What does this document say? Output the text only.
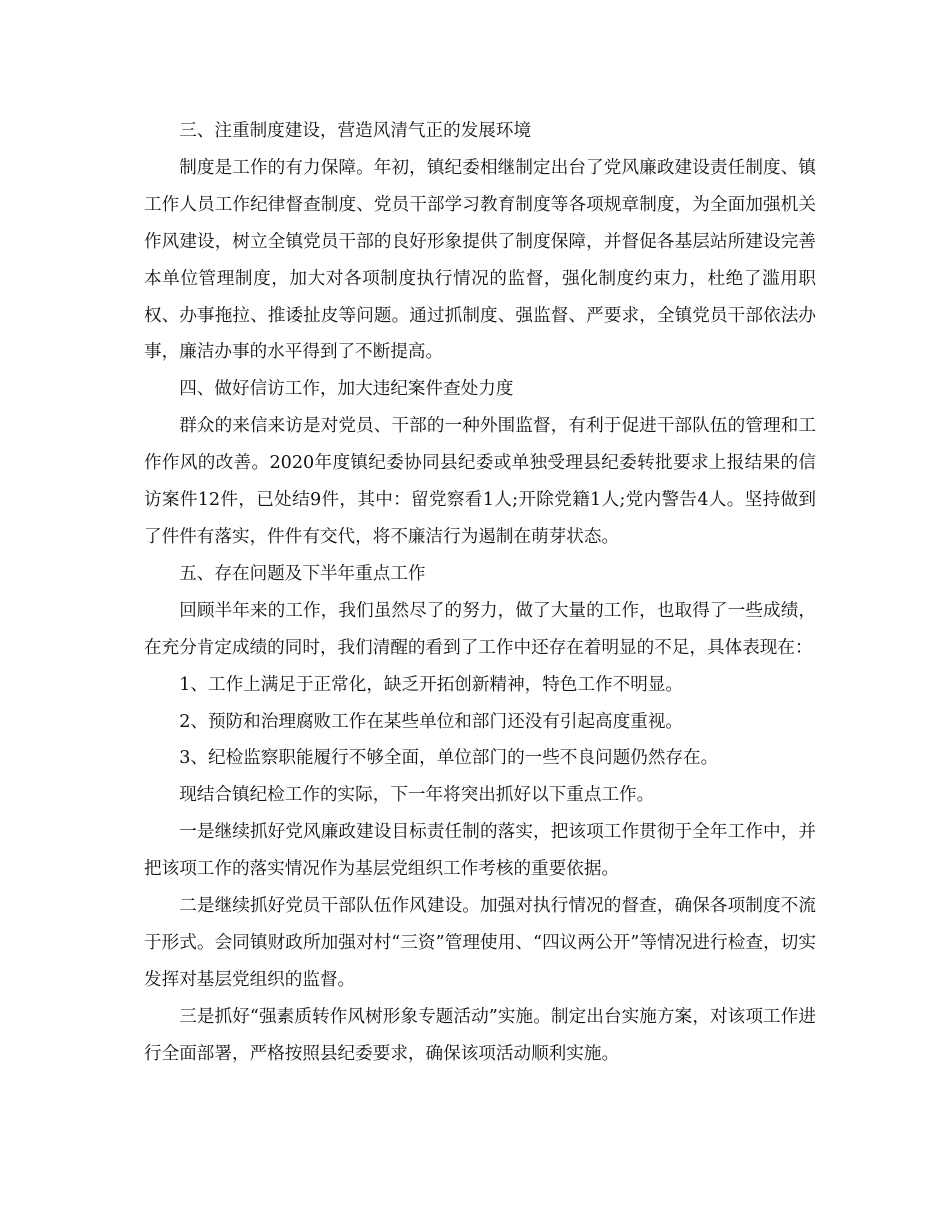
三、注重制度建设，营造风清气正的发展环境

制度是工作的有力保障。年初，镇纪委相继制定出台了党风廉政建设责任制度、镇工作人员工作纪律督查制度、党员干部学习教育制度等各项规章制度，为全面加强机关作风建设，树立全镇党员干部的良好形象提供了制度保障，并督促各基层站所建设完善本单位管理制度，加大对各项制度执行情况的监督，强化制度约束力，杜绝了滥用职权、办事拖拉、推诿扯皮等问题。通过抓制度、强监督、严要求，全镇党员干部依法办事，廉洁办事的水平得到了不断提高。

四、做好信访工作，加大违纪案件查处力度

群众的来信来访是对党员、干部的一种外围监督，有利于促进干部队伍的管理和工作作风的改善。2020年度镇纪委协同县纪委或单独受理县纪委转批要求上报结果的信访案件12件，已处结9件，其中：留党察看1人;开除党籍1人;党内警告4人。坚持做到了件件有落实，件件有交代，将不廉洁行为遏制在萌芽状态。

五、存在问题及下半年重点工作

回顾半年来的工作，我们虽然尽了的努力，做了大量的工作，也取得了一些成绩，在充分肯定成绩的同时，我们清醒的看到了工作中还存在着明显的不足，具体表现在：

1、工作上满足于正常化，缺乏开拓创新精神，特色工作不明显。

2、预防和治理腐败工作在某些单位和部门还没有引起高度重视。

3、纪检监察职能履行不够全面，单位部门的一些不良问题仍然存在。

现结合镇纪检工作的实际，下一年将突出抓好以下重点工作。

一是继续抓好党风廉政建设目标责任制的落实，把该项工作贯彻于全年工作中，并把该项工作的落实情况作为基层党组织工作考核的重要依据。

二是继续抓好党员干部队伍作风建设。加强对执行情况的督查，确保各项制度不流于形式。会同镇财政所加强对村“三资”管理使用、“四议两公开”等情况进行检查，切实发挥对基层党组织的监督。

三是抓好“强素质转作风树形象专题活动”实施。制定出台实施方案，对该项工作进行全面部署，严格按照县纪委要求，确保该项活动顺利实施。
